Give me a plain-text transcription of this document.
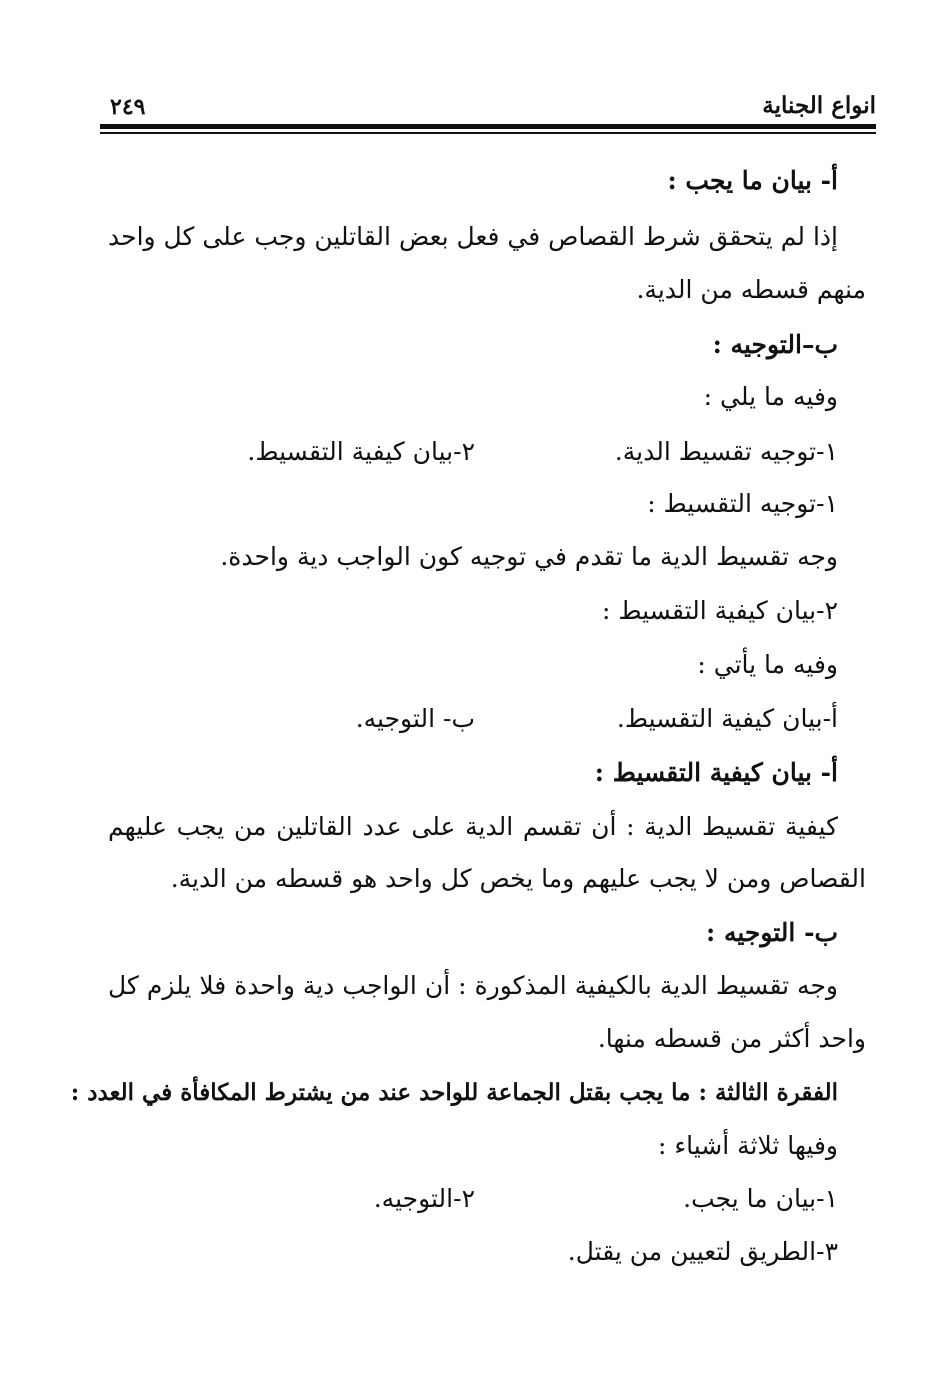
انواع الجناية
٢٤٩
أ- بيان ما يجب :
إذا لم يتحقق شرط القصاص في فعل بعض القاتلين وجب على كل واحد
منهم قسطه من الدية.
ب–التوجيه :
وفيه ما يلي :
١-توجيه تقسيط الدية.
٢-بيان كيفية التقسيط.
١-توجيه التقسيط :
وجه تقسيط الدية ما تقدم في توجيه كون الواجب دية واحدة.
٢-بيان كيفية التقسيط :
وفيه ما يأتي :
أ-بيان كيفية التقسيط.
ب- التوجيه.
أ- بيان كيفية التقسيط :
كيفية تقسيط الدية : أن تقسم الدية على عدد القاتلين من يجب عليهم
القصاص ومن لا يجب عليهم وما يخص كل واحد هو قسطه من الدية.
ب- التوجيه :
وجه تقسيط الدية بالكيفية المذكورة : أن الواجب دية واحدة فلا يلزم كل
واحد أكثر من قسطه منها.
الفقرة الثالثة : ما يجب بقتل الجماعة للواحد عند من يشترط المكافأة في العدد :
وفيها ثلاثة أشياء :
١-بيان ما يجب.
٢-التوجيه.
٣-الطريق لتعيين من يقتل.
